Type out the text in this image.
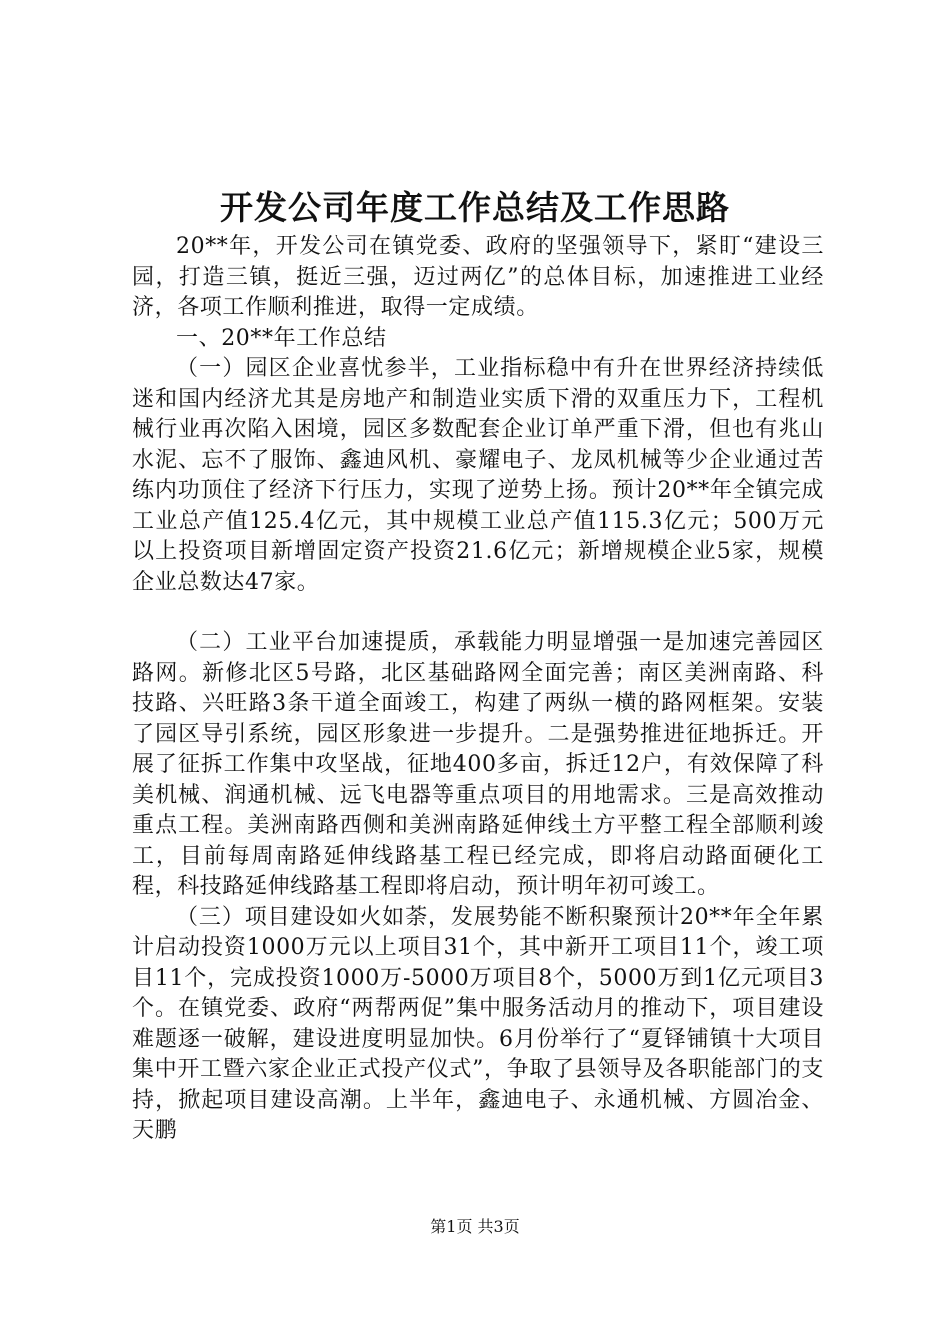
开发公司年度工作总结及工作思路

20**年，开发公司在镇党委、政府的坚强领导下，紧盯“建设三园，打造三镇，挺近三强，迈过两亿”的总体目标，加速推进工业经济，各项工作顺利推进，取得一定成绩。

一、20**年工作总结

（一）园区企业喜忧参半，工业指标稳中有升在世界经济持续低迷和国内经济尤其是房地产和制造业实质下滑的双重压力下，工程机械行业再次陷入困境，园区多数配套企业订单严重下滑，但也有兆山水泥、忘不了服饰、鑫迪风机、豪耀电子、龙凤机械等少企业通过苦练内功顶住了经济下行压力，实现了逆势上扬。预计20**年全镇完成工业总产值125.4亿元，其中规模工业总产值115.3亿元；500万元以上投资项目新增固定资产投资21.6亿元；新增规模企业5家，规模企业总数达47家。

（二）工业平台加速提质，承载能力明显增强一是加速完善园区路网。新修北区5号路，北区基础路网全面完善；南区美洲南路、科技路、兴旺路3条干道全面竣工，构建了两纵一横的路网框架。安装了园区导引系统，园区形象进一步提升。二是强势推进征地拆迁。开展了征拆工作集中攻坚战，征地400多亩，拆迁12户，有效保障了科美机械、润通机械、远飞电器等重点项目的用地需求。三是高效推动重点工程。美洲南路西侧和美洲南路延伸线土方平整工程全部顺利竣工，目前每周南路延伸线路基工程已经完成，即将启动路面硬化工程，科技路延伸线路基工程即将启动，预计明年初可竣工。

（三）项目建设如火如荼，发展势能不断积聚预计20**年全年累计启动投资1000万元以上项目31个，其中新开工项目11个，竣工项目11个，完成投资1000万-5000万项目8个，5000万到1亿元项目3个。在镇党委、政府“两帮两促”集中服务活动月的推动下，项目建设难题逐一破解，建设进度明显加快。6月份举行了“夏铎铺镇十大项目集中开工暨六家企业正式投产仪式”，争取了县领导及各职能部门的支持，掀起项目建设高潮。上半年，鑫迪电子、永通机械、方圆冶金、天鹏

第1页 共3页
